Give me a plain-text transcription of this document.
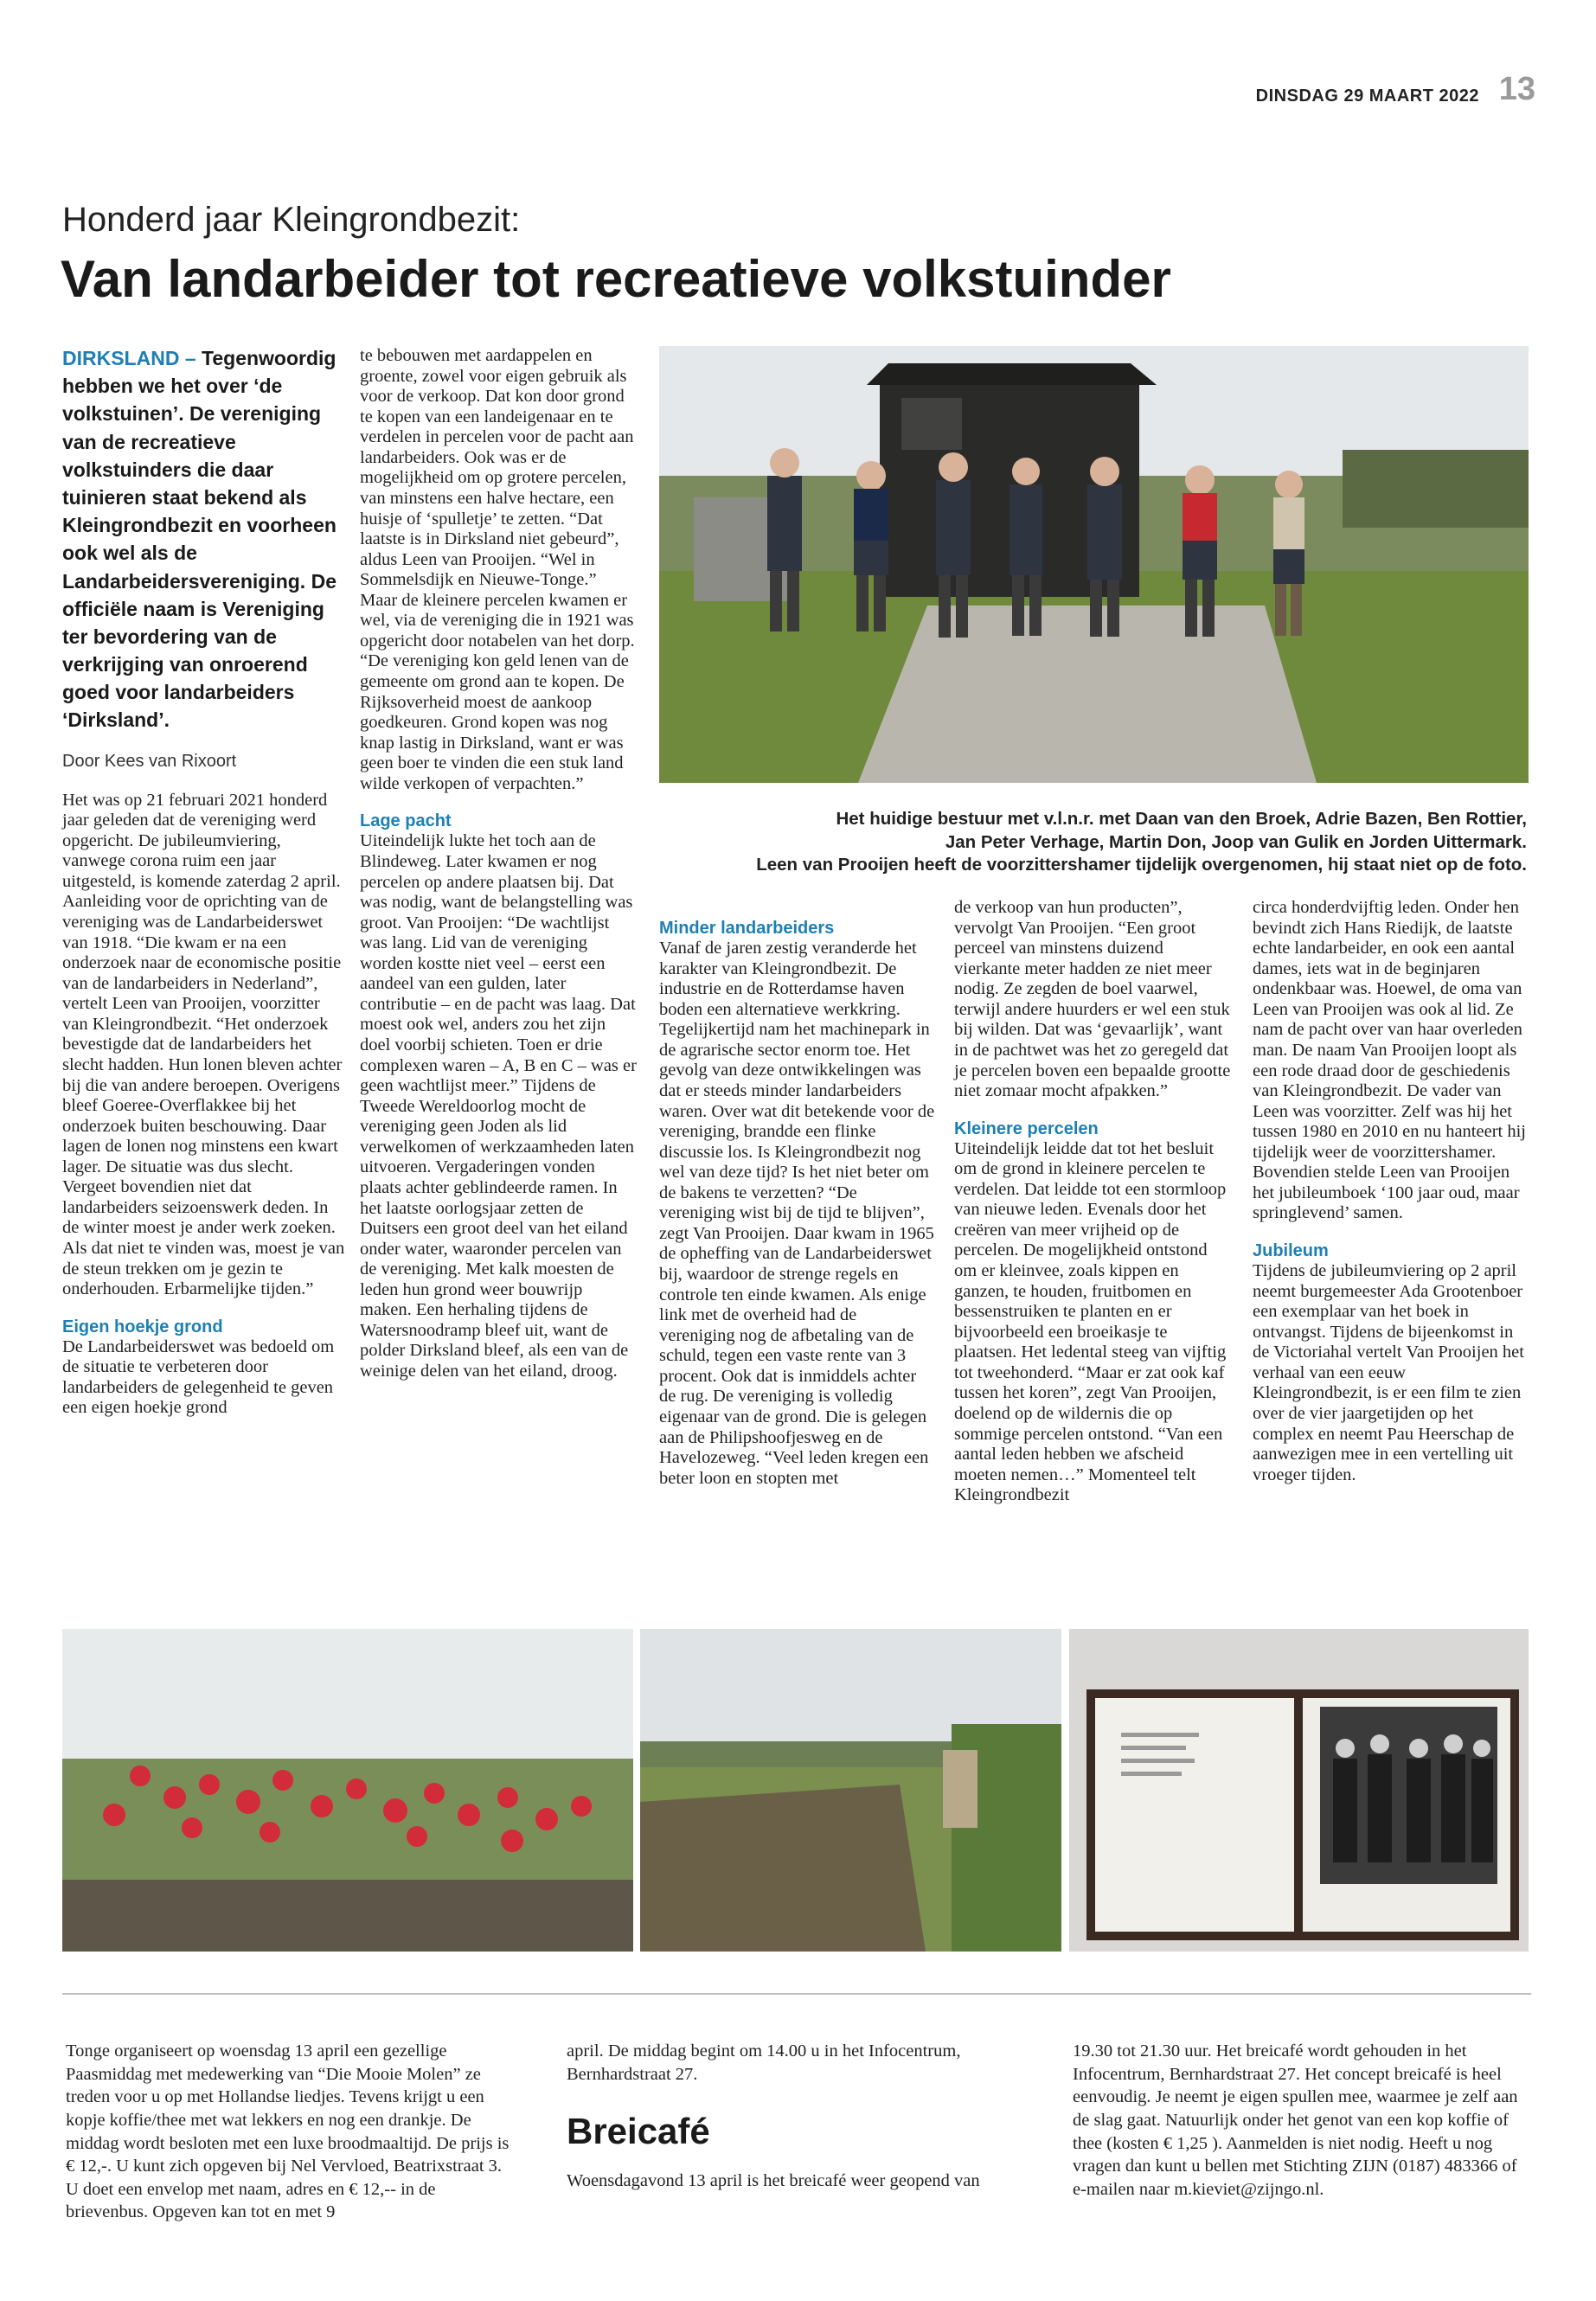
DINSDAG 29 MAART 2022 13
Honderd jaar Kleingrondbezit:
Van landarbeider tot recreatieve volkstuinder
DIRKSLAND – Tegenwoordig hebben we het over ‘de volkstuinen’. De vereniging van de recreatieve volkstuinders die daar tuinieren staat bekend als Kleingrondbezit en voorheen ook wel als de Landarbeidersvereniging. De officiële naam is Vereniging ter bevordering van de verkrijging van onroerend goed voor landarbeiders ‘Dirksland’.
Door Kees van Rixoort

Het was op 21 februari 2021 honderd jaar geleden dat de vereniging werd opgericht. De jubileumviering, vanwege corona ruim een jaar uitgesteld, is komende zaterdag 2 april. Aanleiding voor de oprichting van de vereniging was de Landarbeiderswet van 1918. “Die kwam er na een onderzoek naar de economische positie van de landarbeiders in Nederland”, vertelt Leen van Prooijen, voorzitter van Kleingrondbezit. “Het onderzoek bevestigde dat de landarbeiders het slecht hadden. Hun lonen bleven achter bij die van andere beroepen. Overigens bleef Goeree-Overflakkee bij het onderzoek buiten beschouwing. Daar lagen de lonen nog minstens een kwart lager. De situatie was dus slecht. Vergeet bovendien niet dat landarbeiders seizoenswerk deden. In de winter moest je ander werk zoeken. Als dat niet te vinden was, moest je van de steun trekken om je gezin te onderhouden. Erbarmelijke tijden.”

Eigen hoekje grond

De Landarbeiderswet was bedoeld om de situatie te verbeteren door landarbeiders de gelegenheid te geven een eigen hoekje grond

te bebouwen met aardappelen en groente, zowel voor eigen gebruik als voor de verkoop. Dat kon door grond te kopen van een landeigenaar en te verdelen in percelen voor de pacht aan landarbeiders. Ook was er de mogelijkheid om op grotere percelen, van minstens een halve hectare, een huisje of ‘spulletje’ te zetten. “Dat laatste is in Dirksland niet gebeurd”, aldus Leen van Prooijen. “Wel in Sommelsdijk en Nieuwe-Tonge.” Maar de kleinere percelen kwamen er wel, via de vereniging die in 1921 was opgericht door notabelen van het dorp. “De vereniging kon geld lenen van de gemeente om grond aan te kopen. De Rijksoverheid moest de aankoop goedkeuren. Grond kopen was nog knap lastig in Dirksland, want er was geen boer te vinden die een stuk land wilde verkopen of verpachten.”

Lage pacht

Uiteindelijk lukte het toch aan de Blindeweg. Later kwamen er nog percelen op andere plaatsen bij. Dat was nodig, want de belangstelling was groot. Van Prooijen: “De wachtlijst was lang. Lid van de vereniging worden kostte niet veel – eerst een aandeel van een gulden, later contributie – en de pacht was laag. Dat moest ook wel, anders zou het zijn doel voorbij schieten. Toen er drie complexen waren – A, B en C – was er geen wachtlijst meer.” Tijdens de Tweede Wereldoorlog mocht de vereniging geen Joden als lid verwelkomen of werkzaamheden laten uitvoeren. Vergaderingen vonden plaats achter geblindeerde ramen. In het laatste oorlogsjaar zetten de Duitsers een groot deel van het eiland onder water, waaronder percelen van de vereniging. Met kalk moesten de leden hun grond weer bouwrijp maken. Een herhaling tijdens de Watersnoodramp bleef uit, want de polder Dirksland bleef, als een van de weinige delen van het eiland, droog.

Het huidige bestuur met v.l.n.r. met Daan van den Broek, Adrie Bazen, Ben Rottier,
Jan Peter Verhage, Martin Don, Joop van Gulik en Jorden Uittermark.
Leen van Prooijen heeft de voorzittershamer tijdelijk overgenomen, hij staat niet op de foto.
Minder landarbeiders

Vanaf de jaren zestig veranderde het karakter van Kleingrondbezit. De industrie en de Rotterdamse haven boden een alternatieve werkkring. Tegelijkertijd nam het machinepark in de agrarische sector enorm toe. Het gevolg van deze ontwikkelingen was dat er steeds minder landarbeiders waren. Over wat dit betekende voor de vereniging, brandde een flinke discussie los. Is Kleingrondbezit nog wel van deze tijd? Is het niet beter om de bakens te verzetten? “De vereniging wist bij de tijd te blijven”, zegt Van Prooijen. Daar kwam in 1965 de opheffing van de Landarbeiderswet bij, waardoor de strenge regels en controle ten einde kwamen. Als enige link met de overheid had de vereniging nog de afbetaling van de schuld, tegen een vaste rente van 3 procent. Ook dat is inmiddels achter de rug. De vereniging is volledig eigenaar van de grond. Die is gelegen aan de Philipshoofjesweg en de Havelozeweg. “Veel leden kregen een beter loon en stopten met

de verkoop van hun producten”, vervolgt Van Prooijen. “Een groot perceel van minstens duizend vierkante meter hadden ze niet meer nodig. Ze zegden de boel vaarwel, terwijl andere huurders er wel een stuk bij wilden. Dat was ‘gevaarlijk’, want in de pachtwet was het zo geregeld dat je percelen boven een bepaalde grootte niet zomaar mocht afpakken.”

Kleinere percelen

Uiteindelijk leidde dat tot het besluit om de grond in kleinere percelen te verdelen. Dat leidde tot een stormloop van nieuwe leden. Evenals door het creëren van meer vrijheid op de percelen. De mogelijkheid ontstond om er kleinvee, zoals kippen en ganzen, te houden, fruitbomen en bessenstruiken te planten en er bijvoorbeeld een broeikasje te plaatsen. Het ledental steeg van vijftig tot tweehonderd. “Maar er zat ook kaf tussen het koren”, zegt Van Prooijen, doelend op de wildernis die op sommige percelen ontstond. “Van een aantal leden hebben we afscheid moeten nemen…” Momenteel telt Kleingrondbezit

circa honderdvijftig leden. Onder hen bevindt zich Hans Riedijk, de laatste echte landarbeider, en ook een aantal dames, iets wat in de beginjaren ondenkbaar was. Hoewel, de oma van Leen van Prooijen was ook al lid. Ze nam de pacht over van haar overleden man. De naam Van Prooijen loopt als een rode draad door de geschiedenis van Kleingrondbezit. De vader van Leen was voorzitter. Zelf was hij het tussen 1980 en 2010 en nu hanteert hij tijdelijk weer de voorzittershamer. Bovendien stelde Leen van Prooijen het jubileumboek ‘100 jaar oud, maar springlevend’ samen.

Jubileum

Tijdens de jubileumviering op 2 april neemt burgemeester Ada Grootenboer een exemplaar van het boek in ontvangst. Tijdens de bijeenkomst in de Victoriahal vertelt Van Prooijen het verhaal van een eeuw Kleingrondbezit, is er een film te zien over de vier jaargetijden op het complex en neemt Pau Heerschap de aanwezigen mee in een vertelling uit vroeger tijden.

Tonge organiseert op woensdag 13 april een gezellige Paasmiddag met medewerking van “Die Mooie Molen” ze treden voor u op met Hollandse liedjes. Tevens krijgt u een kopje koffie/thee met wat lekkers en nog een drankje. De middag wordt besloten met een luxe broodmaaltijd. De prijs is € 12,-. U kunt zich opgeven bij Nel Vervloed, Beatrixstraat 3. U doet een envelop met naam, adres en € 12,-- in de brievenbus. Opgeven kan tot en met 9

april. De middag begint om 14.00 u in het Infocentrum, Bernhardstraat 27.

Breicafé

Woensdagavond 13 april is het breicafé weer geopend van

19.30 tot 21.30 uur. Het breicafé wordt gehouden in het Infocentrum, Bernhardstraat 27. Het concept breicafé is heel eenvoudig. Je neemt je eigen spullen mee, waarmee je zelf aan de slag gaat. Natuurlijk onder het genot van een kop koffie of thee (kosten € 1,25 ). Aanmelden is niet nodig. Heeft u nog vragen dan kunt u bellen met Stichting ZIJN (0187) 483366 of e-mailen naar m.kieviet@zijngo.nl.
